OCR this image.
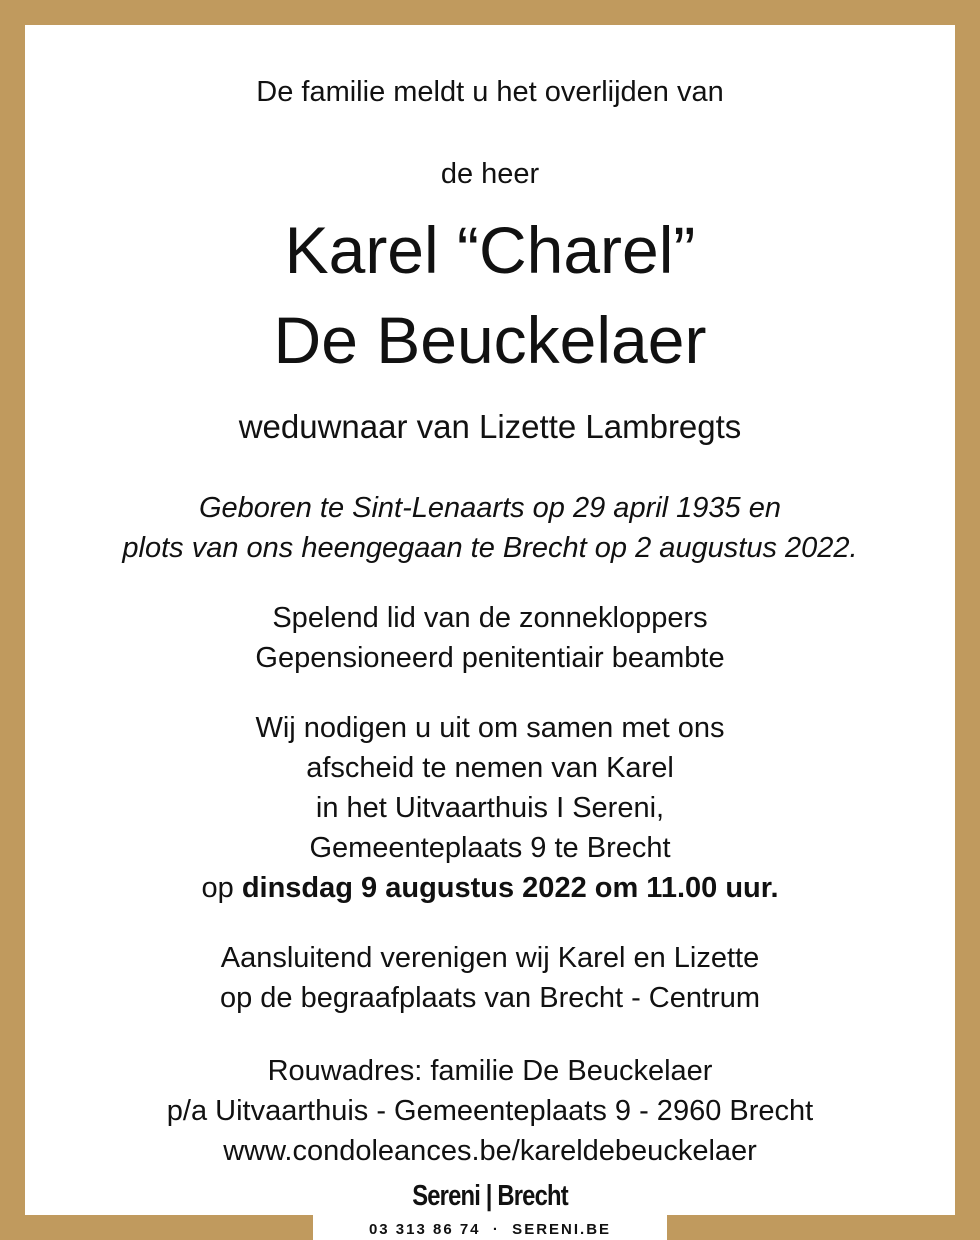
De familie meldt u het overlijden van
de heer
Karel “Charel”
De Beuckelaer
weduwnaar van Lizette Lambregts
Geboren te Sint-Lenaarts op 29 april 1935 en
plots van ons heengegaan te Brecht op 2 augustus 2022.
Spelend lid van de zonnekloppers
Gepensioneerd penitentiair beambte
Wij nodigen u uit om samen met ons
afscheid te nemen van Karel
in het Uitvaarthuis I Sereni,
Gemeenteplaats 9 te Brecht
op dinsdag 9 augustus 2022 om 11.00 uur.
Aansluitend verenigen wij Karel en Lizette
op de begraafplaats van Brecht - Centrum
Rouwadres: familie De Beuckelaer
p/a Uitvaarthuis - Gemeenteplaats 9 - 2960 Brecht
www.condoleances.be/kareldebeuckelaer
Sereni | Brecht
03 313 86 74  ·  SERENI.BE
